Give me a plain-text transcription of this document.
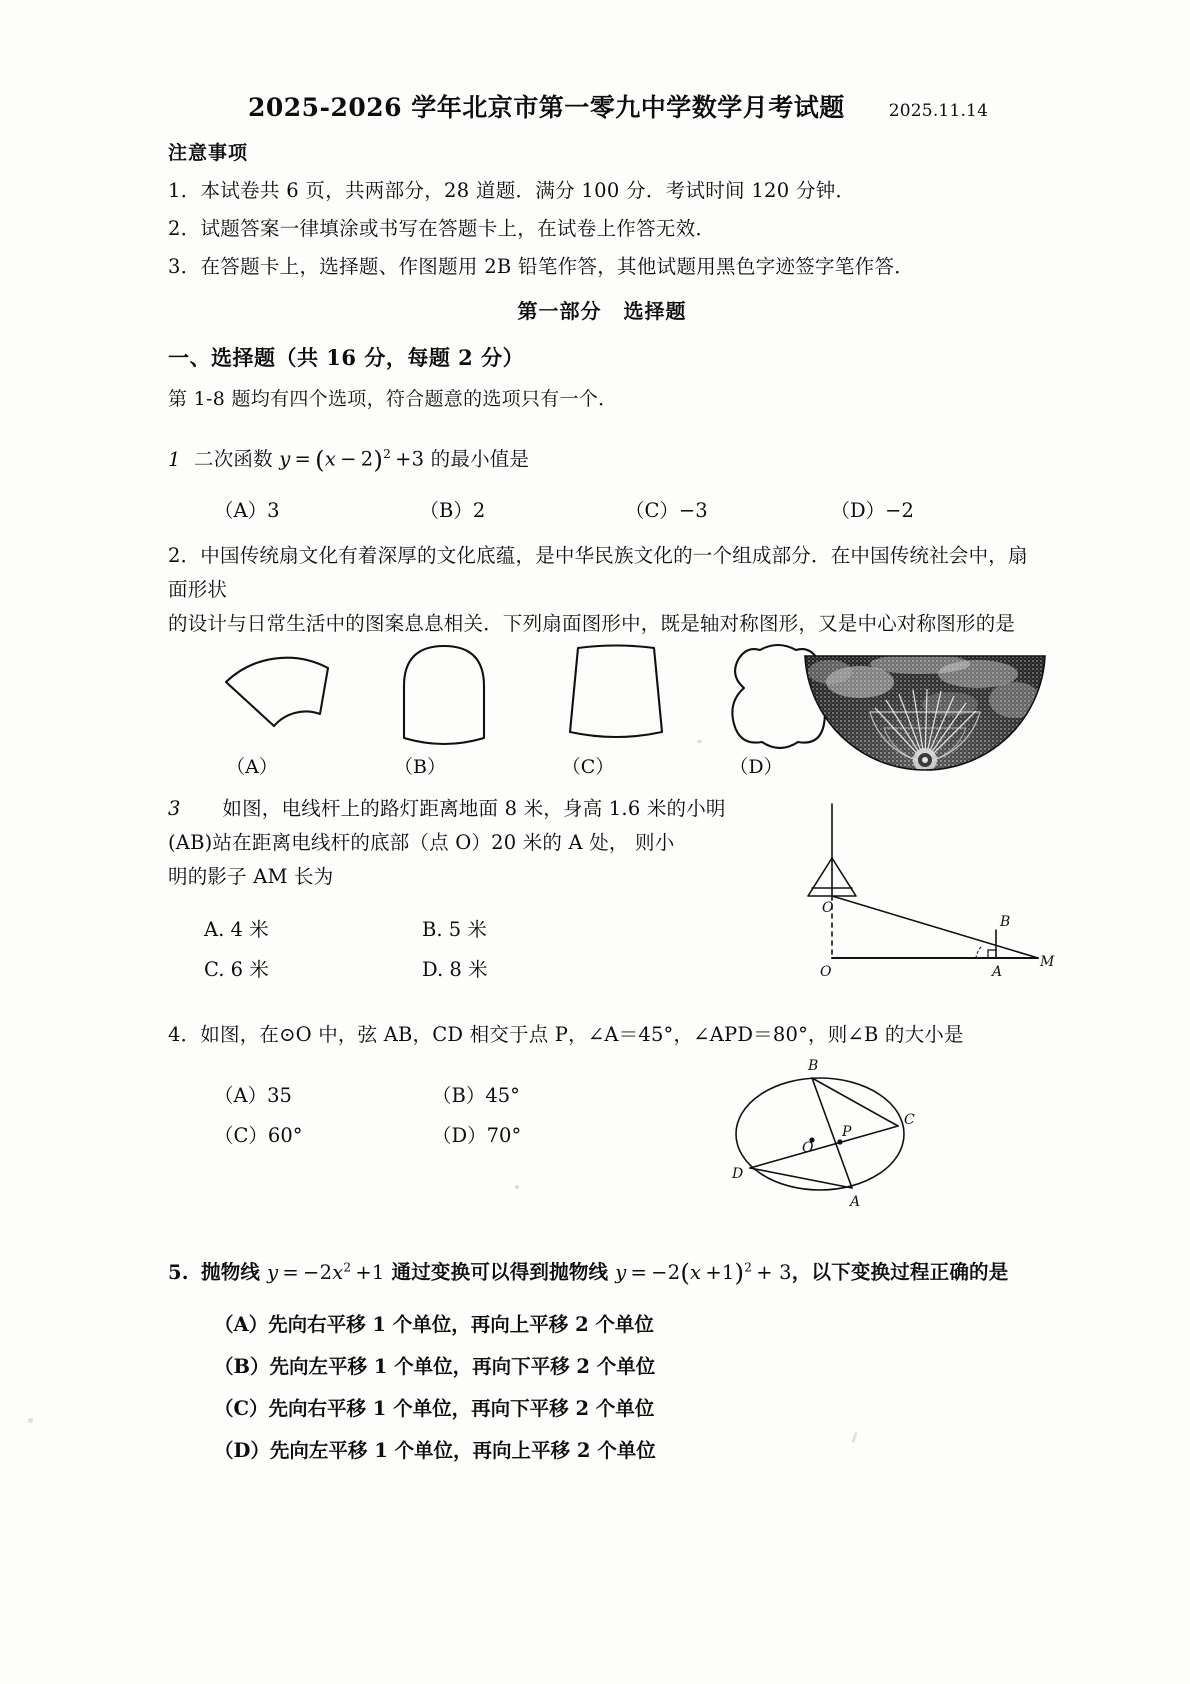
2025-2026 学年北京市第一零九中学数学月考试题	2025.11.14
注意事项
1．本试卷共 6 页，共两部分，28 道题．满分 100 分．考试时间 120 分钟．
2．试题答案一律填涂或书写在答题卡上，在试卷上作答无效．
3．在答题卡上，选择题、作图题用 2B 铅笔作答，其他试题用黑色字迹签字笔作答．
第一部分 选择题
一、选择题（共 16 分，每题 2 分）
第 1-8 题均有四个选项，符合题意的选项只有一个．
1 二次函数 $y = (x - 2)^2 +3$ 的最小值是
（A）3	（B）2	（C）−3	（D）−2
2．中国传统扇文化有着深厚的文化底蕴，是中华民族文化的一个组成部分．在中国传统社会中，扇面形状
的设计与日常生活中的图案息息相关．下列扇面图形中，既是轴对称图形，又是中心对称图形的是
（A）	（B）	（C）	（D）
3 如图，电线杆上的路灯距离地面 8 米，身高 1.6 米的小明
(AB)站在距离电线杆的底部（点 O）20 米的 A 处， 则小
明的影子 AM 长为
A. 4 米	B. 5 米
C. 6 米	D. 8 米
O
B
O	A
M
4．如图，在⊙O 中，弦 AB，CD 相交于点 P，∠A＝45°，∠APD＝80°，则∠B 的大小是
（A）35	（B）45°
（C）60°	（D）70°
B
C
O
P
D
A
5. 抛物线 $y = -2x^2 +1$ 通过变换可以得到抛物线 $y = -2(x +1)^2 + 3$，以下变换过程正确的是
（A）先向右平移 1 个单位，再向上平移 2 个单位
（B）先向左平移 1 个单位，再向下平移 2 个单位
（C）先向右平移 1 个单位，再向下平移 2 个单位
（D）先向左平移 1 个单位，再向上平移 2 个单位
